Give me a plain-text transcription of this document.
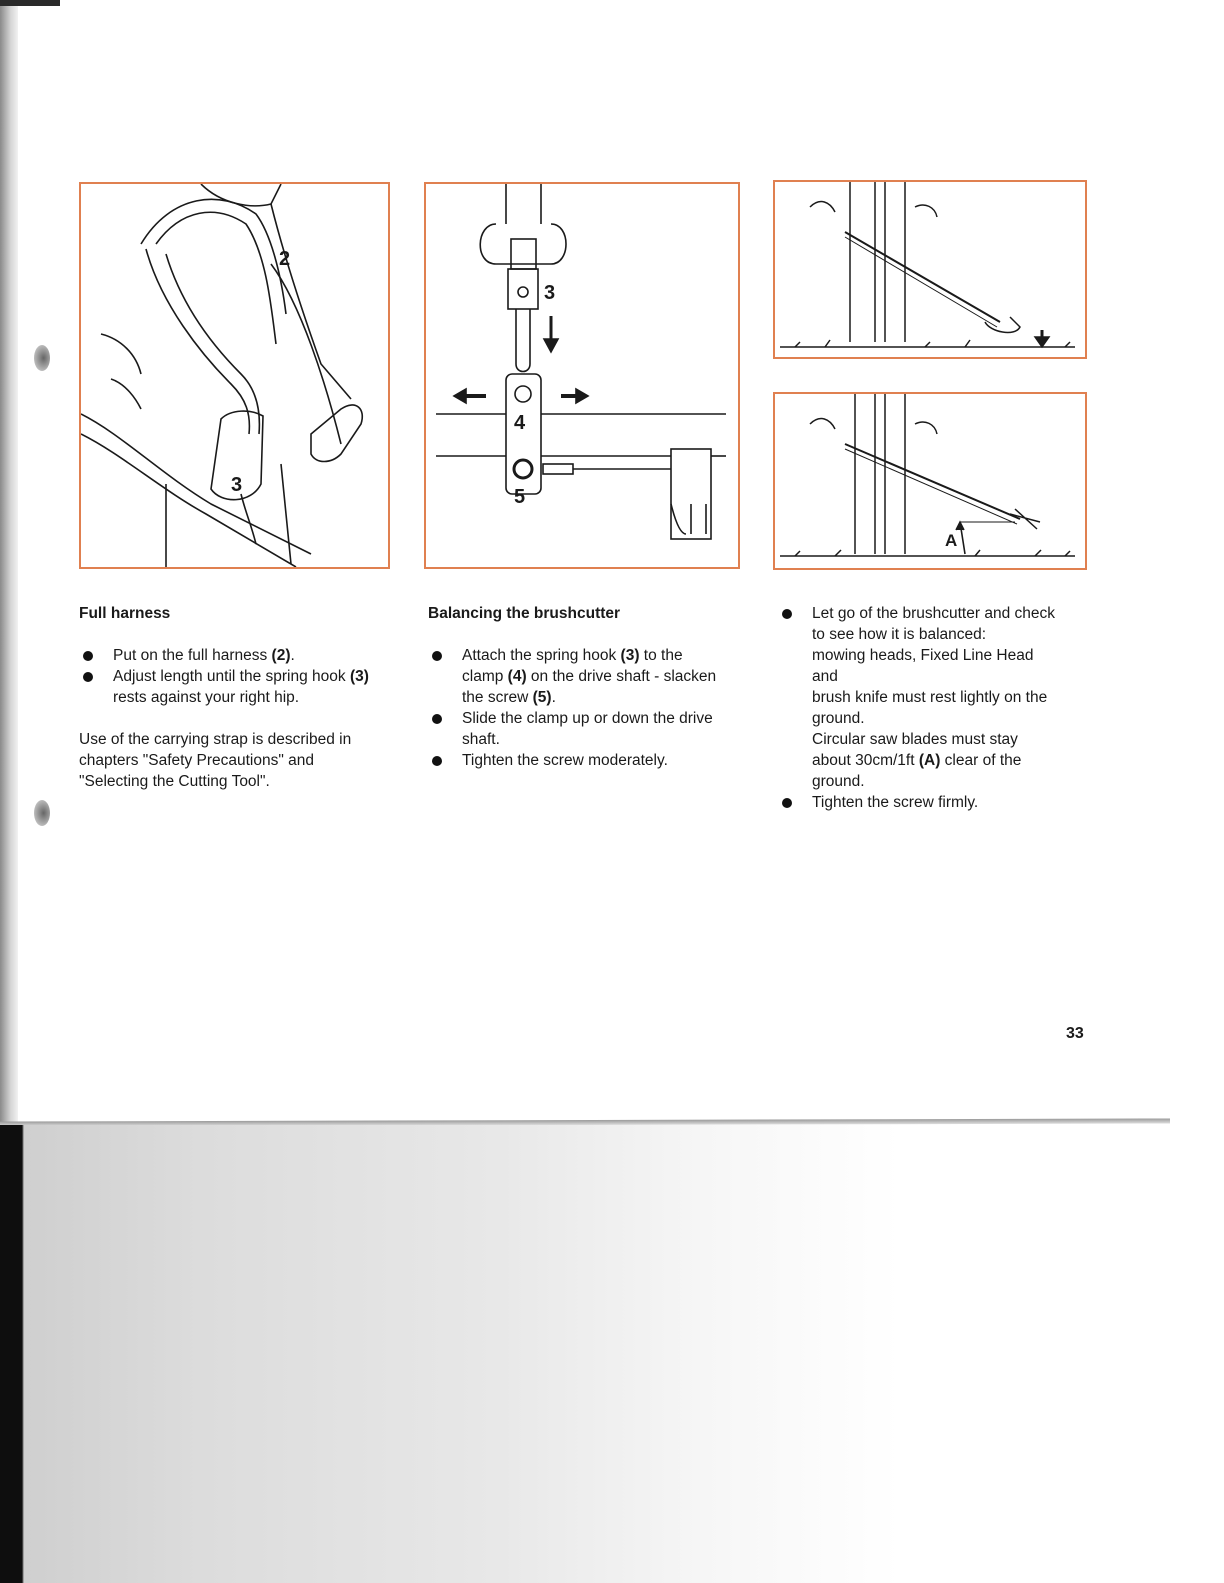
2
3
3
4
5
A
Full harness
Put on the full harness (2).
Adjust length until the spring hook (3) rests against your right hip.

Use of the carrying strap is described in chapters "Safety Precautions" and "Selecting the Cutting Tool".

Balancing the brushcutter
Attach the spring hook (3) to the clamp (4) on the drive shaft - slacken the screw (5).
Slide the clamp up or down the drive shaft.
Tighten the screw moderately.
Let go of the brushcutter and check
to see how it is balanced:
mowing heads, Fixed Line Head
and
brush knife must rest lightly on the
ground.
Circular saw blades must stay
about 30cm/1ft (A) clear of the
ground.
Tighten the screw firmly.
33
